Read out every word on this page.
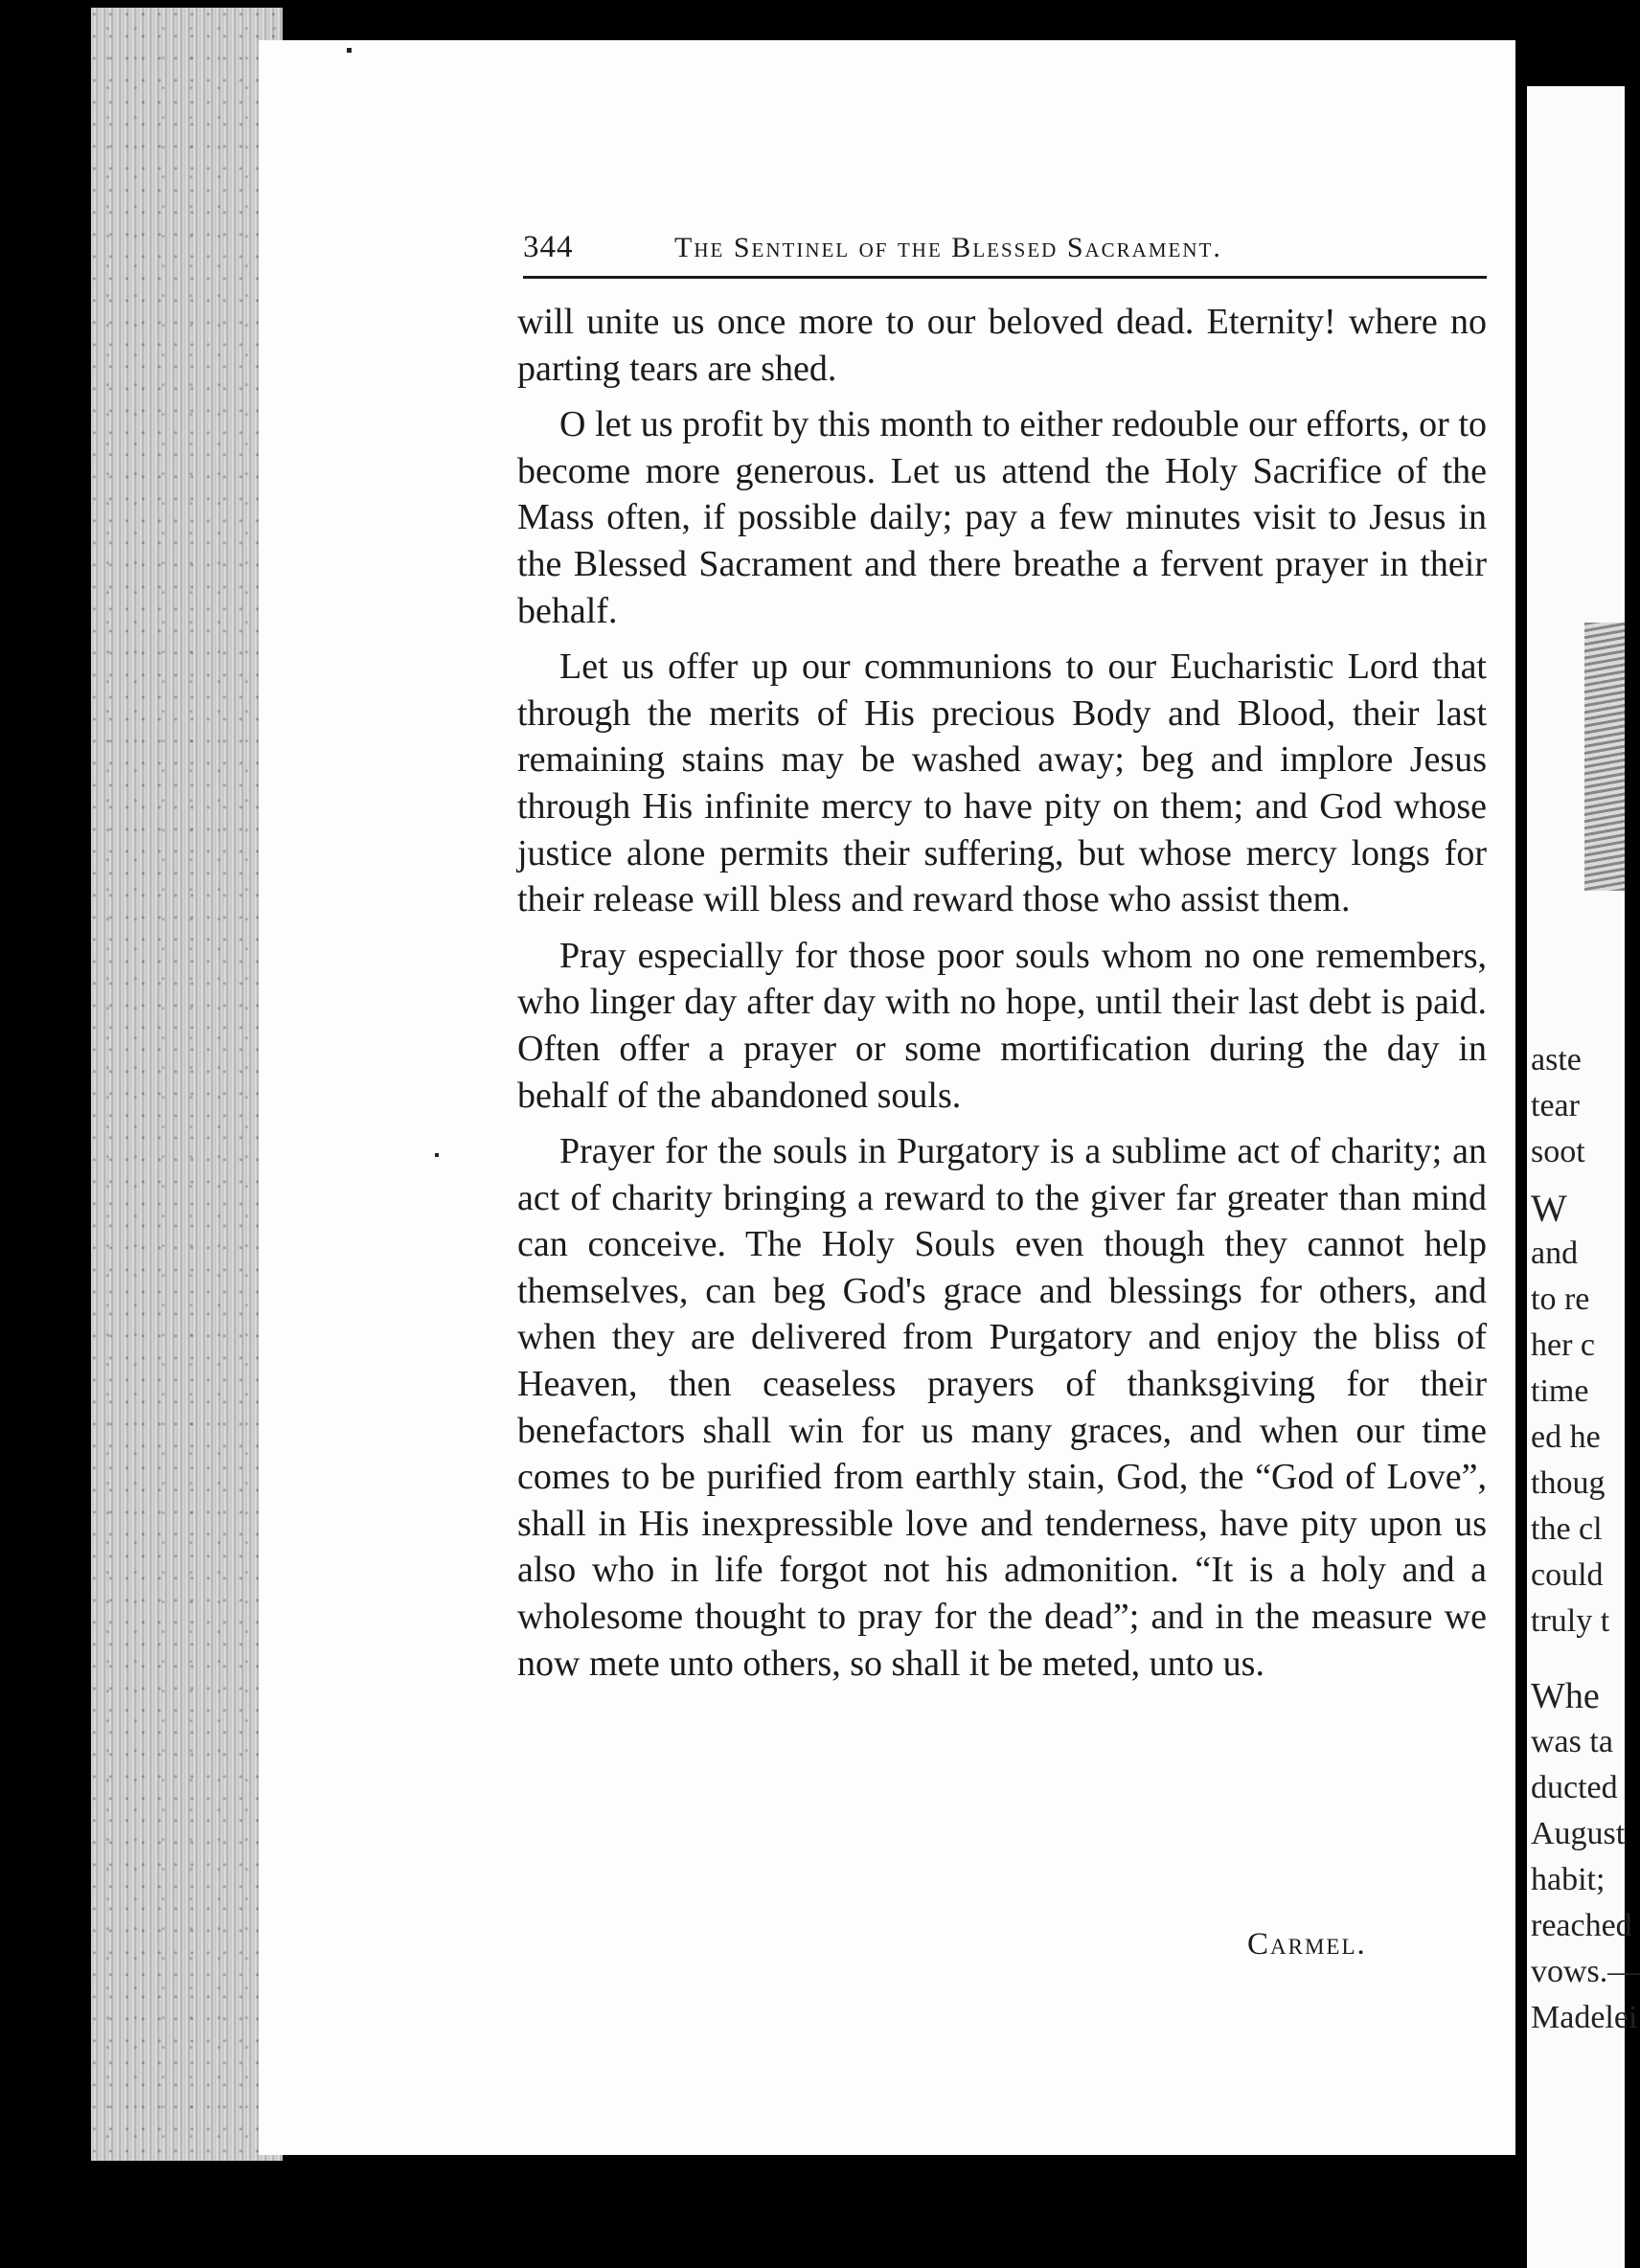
aste
tear
soot
W
and
to re
her c
time
ed he
thoug
the cl
could
truly t
Whe
was ta
ducted
August
habit;
reached
vows.—
Madelei
344	The Sentinel of the Blessed Sacrament.

will unite us once more to our beloved dead. Eternity! where no parting tears are shed.

O let us profit by this month to either redouble our efforts, or to become more generous. Let us attend the Holy Sacrifice of the Mass often, if possible daily; pay a few minutes visit to Jesus in the Blessed Sacrament and there breathe a fervent prayer in their behalf.

Let us offer up our communions to our Eucharistic Lord that through the merits of His precious Body and Blood, their last remaining stains may be washed away; beg and implore Jesus through His infinite mercy to have pity on them; and God whose justice alone permits their suffering, but whose mercy longs for their release will bless and reward those who assist them.

Pray especially for those poor souls whom no one remembers, who linger day after day with no hope, until their last debt is paid. Often offer a prayer or some mortification during the day in behalf of the abandoned souls.

Prayer for the souls in Purgatory is a sublime act of charity; an act of charity bringing a reward to the giver far greater than mind can conceive. The Holy Souls even though they cannot help themselves, can beg God's grace and blessings for others, and when they are delivered from Purgatory and enjoy the bliss of Heaven, then ceaseless prayers of thanksgiving for their benefactors shall win for us many graces, and when our time comes to be purified from earthly stain, God, the “God of Love”, shall in His inexpressible love and tenderness, have pity upon us also who in life forgot not his admonition. “It is a holy and a wholesome thought to pray for the dead”; and in the measure we now mete unto others, so shall it be meted, unto us.

Carmel.
